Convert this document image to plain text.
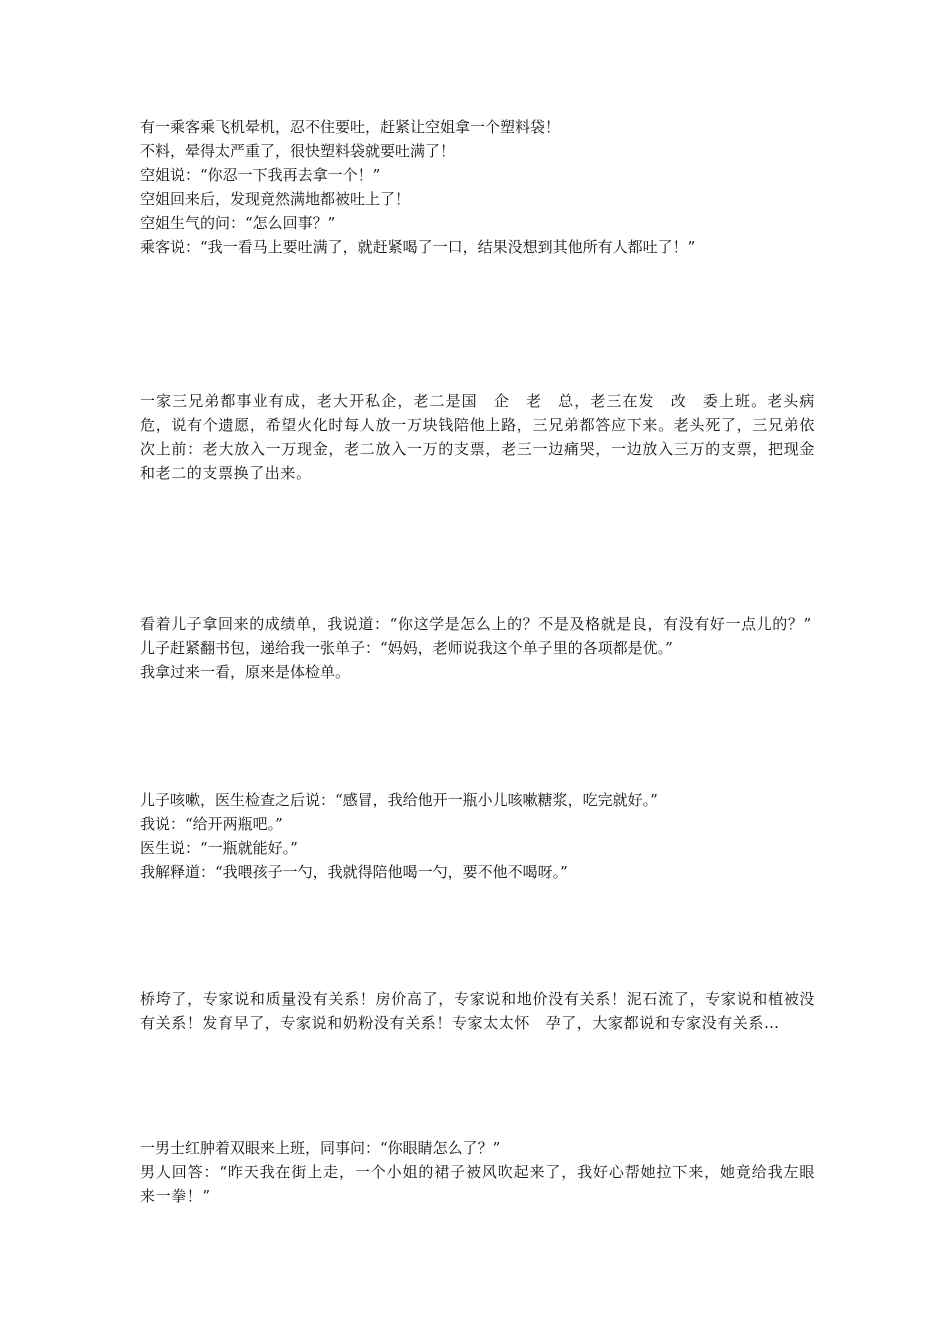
有一乘客乘飞机晕机，忍不住要吐，赶紧让空姐拿一个塑料袋！
不料，晕得太严重了，很快塑料袋就要吐满了！
空姐说：“你忍一下我再去拿一个！”
空姐回来后，发现竟然满地都被吐上了！
空姐生气的问：“怎么回事？”
乘客说：“我一看马上要吐满了，就赶紧喝了一口，结果没想到其他所有人都吐了！”
一家三兄弟都事业有成，老大开私企，老二是国　企　老　总，老三在发　改　委上班。老头病危，说有个遗愿，希望火化时每人放一万块钱陪他上路，三兄弟都答应下来。老头死了，三兄弟依次上前：老大放入一万现金，老二放入一万的支票，老三一边痛哭，一边放入三万的支票，把现金和老二的支票换了出来。
看着儿子拿回来的成绩单，我说道：“你这学是怎么上的？不是及格就是良，有没有好一点儿的？”
儿子赶紧翻书包，递给我一张单子：“妈妈，老师说我这个单子里的各项都是优。”
我拿过来一看，原来是体检单。
儿子咳嗽，医生检查之后说：“感冒，我给他开一瓶小儿咳嗽糖浆，吃完就好。”
我说：“给开两瓶吧。”
医生说：“一瓶就能好。”
我解释道：“我喂孩子一勺，我就得陪他喝一勺，要不他不喝呀。”
桥垮了，专家说和质量没有关系！房价高了，专家说和地价没有关系！泥石流了，专家说和植被没有关系！发育早了，专家说和奶粉没有关系！专家太太怀　孕了，大家都说和专家没有关系…
一男士红肿着双眼来上班，同事问：“你眼睛怎么了？”
男人回答：“昨天我在街上走，一个小姐的裙子被风吹起来了，我好心帮她拉下来，她竟给我左眼来一拳！”
